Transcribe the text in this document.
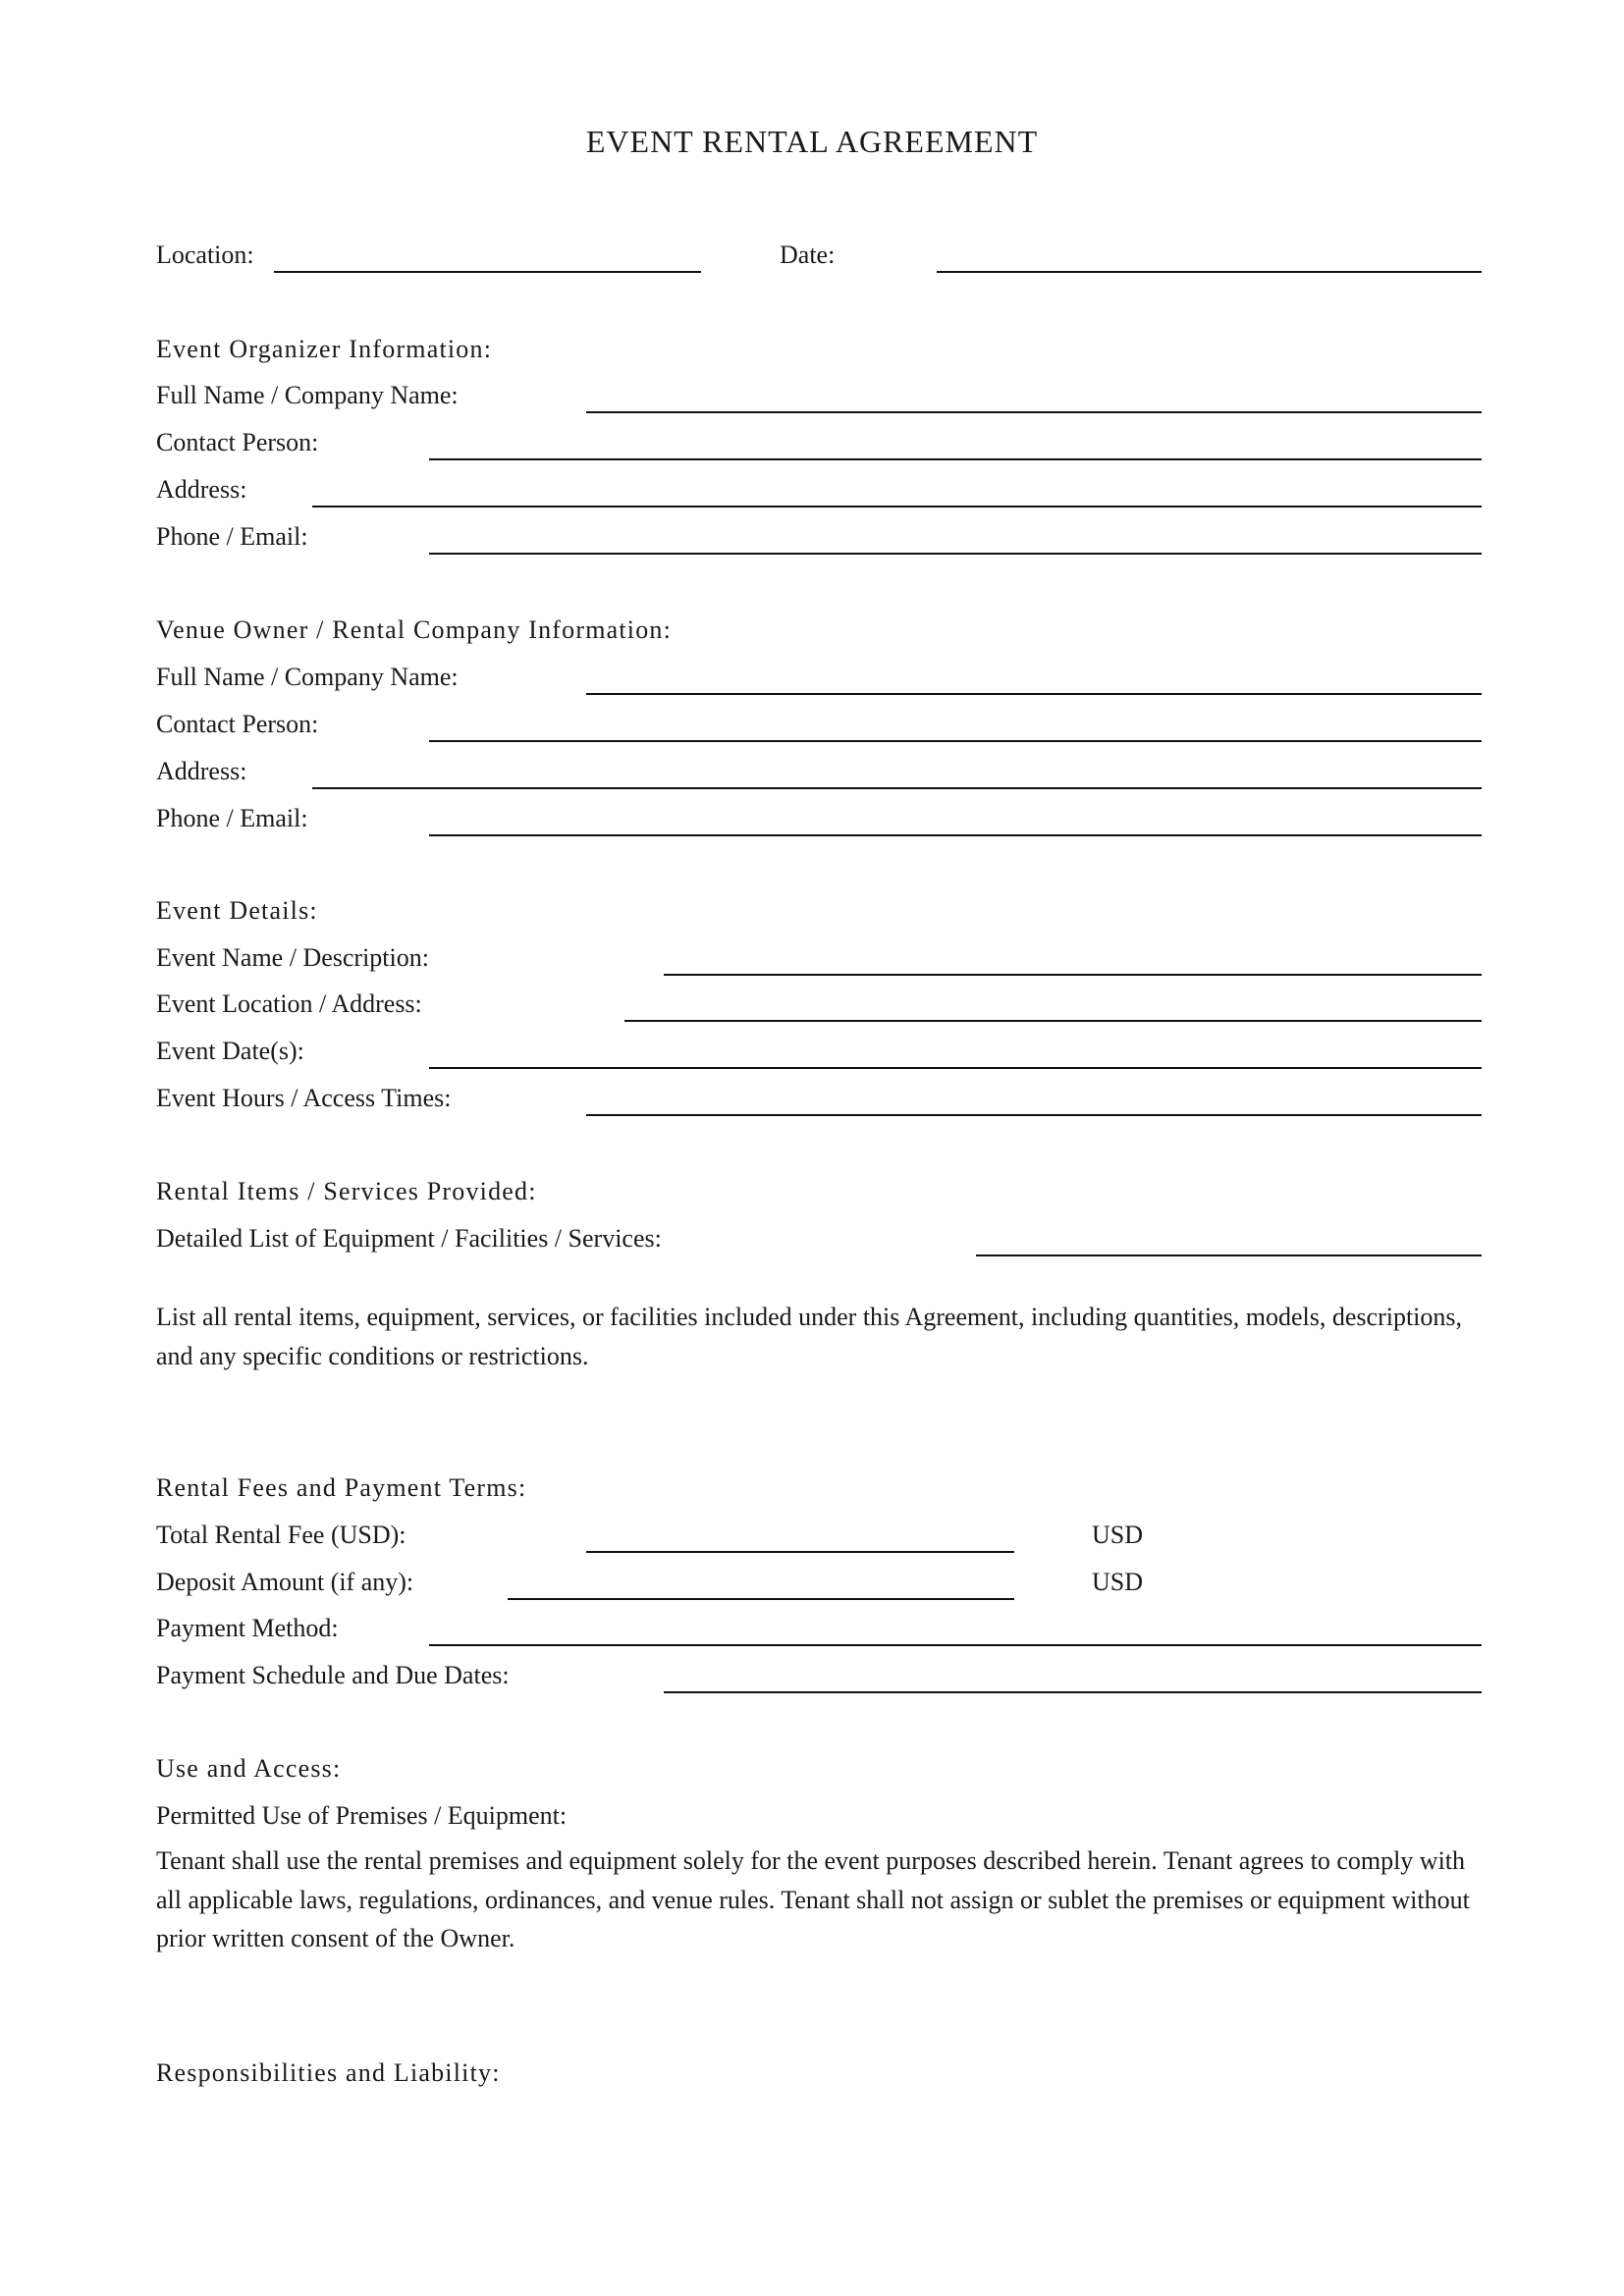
EVENT RENTAL AGREEMENT
Location:	Date:
Event Organizer Information:
Full Name / Company Name:
Contact Person:
Address:
Phone / Email:
Venue Owner / Rental Company Information:
Full Name / Company Name:
Contact Person:
Address:
Phone / Email:
Event Details:
Event Name / Description:
Event Location / Address:
Event Date(s):
Event Hours / Access Times:
Rental Items / Services Provided:
Detailed List of Equipment / Facilities / Services:
List all rental items, equipment, services, or facilities included under this Agreement, including quantities, models, descriptions, and any specific conditions or restrictions.
Rental Fees and Payment Terms:
Total Rental Fee (USD):	USD
Deposit Amount (if any):	USD
Payment Method:
Payment Schedule and Due Dates:
Use and Access:
Permitted Use of Premises / Equipment:
Tenant shall use the rental premises and equipment solely for the event purposes described herein. Tenant agrees to comply with all applicable laws, regulations, ordinances, and venue rules. Tenant shall not assign or sublet the premises or equipment without prior written consent of the Owner.
Responsibilities and Liability:
